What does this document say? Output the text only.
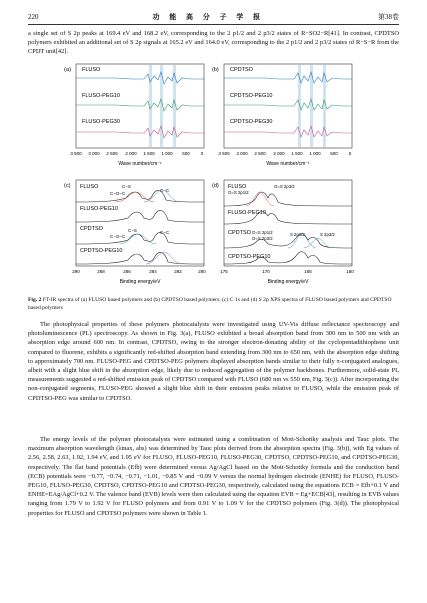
220	功 能 高 分 子 学 报	第38卷

a single set of S 2p peaks at 169.4 eV and 168.2 eV, corresponding to the 2 p1/2 and 2 p3/2 states of R−SO2−R[41]. In contrast, CPDTSO polymers exhibited an additional set of S 2p signals at 165.2 eV and 164.0 eV, corresponding to the 2 p1/2 and 2 p3/2 states of R−S−R from the CPDT unit[42].

(a) FLUSO
FLUSO-PEG10
FLUSO-PEG30
3 500 3 000 2 500 2 000 1 500 1 000 500 0
Wave number/cm⁻¹
(b) CPDTSO
CPDTSO-PEG10
CPDTSO-PEG30
3 500 3 000 2 500 2 000 1 500 1 000 500 0
Wave number/cm⁻¹
(c) FLUSO
FLUSO-PEG10
CPDTSO
CPDTSO-PEG10
C−S
C−O−C
C−C
C−S	C−C
C−O−C
290	288	286	284	282	280
Binding energy/eV
(d) FLUSO
FLUSO-PEG10
CPDTSO
CPDTSO-PEG10
O=S 2p1/2
O=S 2p3/2
O=S 2p1/2
O=S 2p3/2
S 2p1/2	S 2p3/2
175	170	165	160
Binding energy/eV
Fig. 2 FT-IR spectra of (a) FLUSO based polymers and (b) CPDTSO based polymers; (c) C 1s and (d) S 2p XPS spectra of FLUSO based polymers and CPDTSO based polymers

The photophysical properties of these polymers photocatalysts were investigated using UV-Vis diffuse reflectance spectroscopy and photoluminescence (PL) spectroscopy. As shown in Fig. 3(a), FLUSO exhibited a broad absorption band from 300 nm to 500 nm with an absorption edge around 600 nm. In contrast, CPDTSO, owing to the stronger electron-donating ability of the cyclopentadithiophene unit compared to fluorene, exhibits a significantly red-shifted absorption band extending from 300 nm to 650 nm, with the absorption edge shifting to approximately 700 nm. FLUSO-PEG and CPDTSO-PEG polymers displayed absorption bands similar to their fully π-conjugated analogues, albeit with a slight blue shift in the absorption edge, likely due to reduced aggregation of the polymer backbones. Furthermore, solid-state PL measurements suggested a red-shifted emission peak of CPDTSO compared with FLUSO (680 nm vs 550 nm, Fig. 3(c)). After incorporating the non-conjugated segments, FLUSO-PEG showed a slight blue shift in their emission peaks relative to FLUSO, while the emission peak of CPDTSO-PEG was similar to CPDTSO.

The energy levels of the polymer photocatalysts were estimated using a combination of Mott-Schottky analysis and Tauc plots. The maximum absorption wavelength (λmax, abs) was determined by Tauc plots derived from the absorption spectra (Fig. 3(b)), with Eg values of 2.56, 2.58, 2.63, 1.92, 1.94 eV, and 1.95 eV for FLUSO, FLUSO-PEG10, FLUSO-PEG30, CPDTSO, CPDTSO-PEG10, and CPDTSO-PEG30, respectively. The flat band potentials (Efb) were determined versus Ag/AgCl based on the Mott-Schottky formula and the conduction band (ECB) potentials were −0.77, −0.74, −0.71, −1.01, −0.85 V and −0.99 V versus the normal hydrogen electrode (ENHE) for FLUSO, FLUSO-PEG10, FLUSO-PEG30, CPDTSO, CPDTSO-PEG10 and CPDTSO-PEG30, respectively, calculated using the equations ECB = Efb+0.1 V and ENHE=EAg/AgCl+0.2 V. The valence band (EVB) levels were then calculated using the equation EVB = Eg+ECB[43], resulting in EVB values ranging from 1.79 V to 1.92 V for FLUSO polymers and from 0.91 V to 1.09 V for the CPDTSO polymers (Fig. 3(d)). The photophysical properties for FLUSO and CPDTSO polymers were shown in Table 1.
